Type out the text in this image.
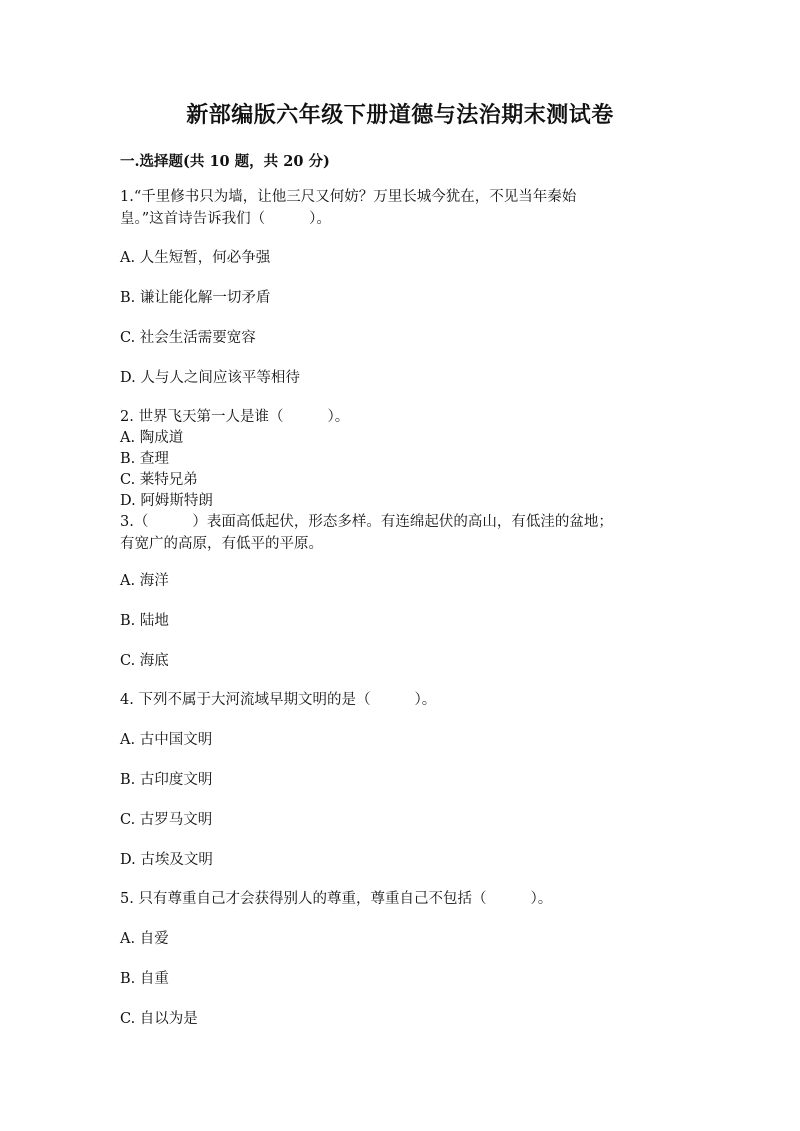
新部编版六年级下册道德与法治期末测试卷
一.选择题(共 10 题，共 20 分)
1.“千里修书只为墙，让他三尺又何妨？万里长城今犹在，不见当年秦始
皇。”这首诗告诉我们（	）。
A. 人生短暂，何必争强
B. 谦让能化解一切矛盾
C. 社会生活需要宽容
D. 人与人之间应该平等相待
2. 世界飞天第一人是谁（	）。
A. 陶成道
B. 查理
C. 莱特兄弟
D. 阿姆斯特朗
3.（	）表面高低起伏，形态多样。有连绵起伏的高山，有低洼的盆地；
有宽广的高原，有低平的平原。
A. 海洋
B. 陆地
C. 海底
4. 下列不属于大河流域早期文明的是（	）。
A. 古中国文明
B. 古印度文明
C. 古罗马文明
D. 古埃及文明
5. 只有尊重自己才会获得别人的尊重，尊重自己不包括（	）。
A. 自爱
B. 自重
C. 自以为是
